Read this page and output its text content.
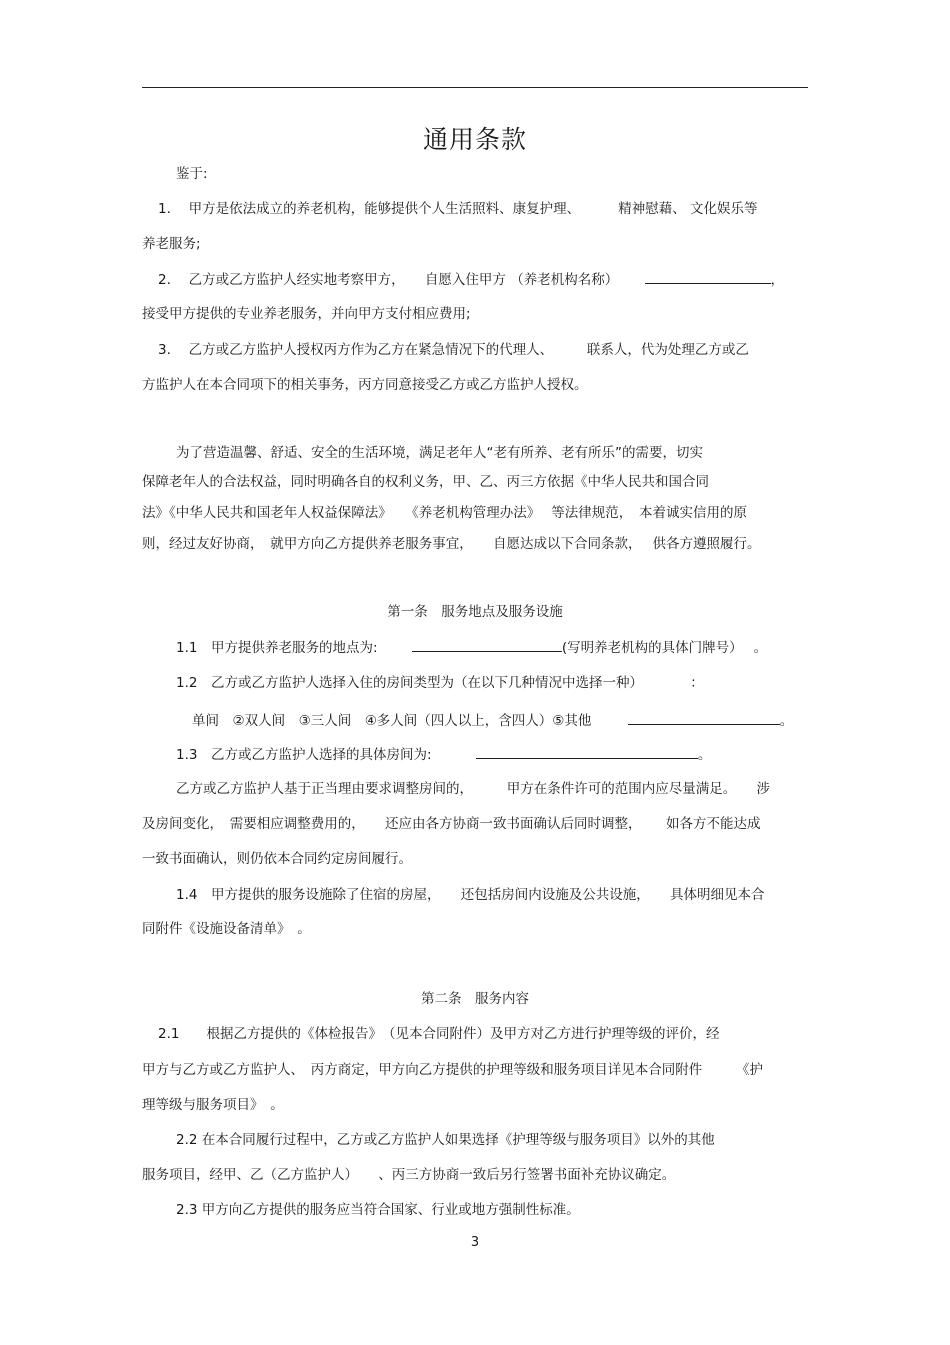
通用条款
鉴于:
1.　 甲方是依法成立的养老机构，能够提供个人生活照料、康复护理、　　　 精神慰藉、 文化娱乐等
养老服务;
2.　 乙方或乙方监护人经实地考察甲方，　　自愿入住甲方 （养老机构名称）	，
接受甲方提供的专业养老服务，并向甲方支付相应费用;
3.　 乙方或乙方监护人授权丙方作为乙方在紧急情况下的代理人、　　　联系人，代为处理乙方或乙
方监护人在本合同项下的相关事务，丙方同意接受乙方或乙方监护人授权。
为了营造温馨、舒适、安全的生活环境，满足老年人“老有所养、老有所乐”的需要，切实
保障老年人的合法权益，同时明确各自的权利义务，甲、乙、丙三方依据《中华人民共和国合同
法》《中华人民共和国老年人权益保障法》　　《养老机构管理办法》　 等法律规范，　本着诚实信用的原
则，经过友好协商，　就甲方向乙方提供养老服务事宜，　　自愿达成以下合同条款，　 供各方遵照履行。
第一条　服务地点及服务设施
1.1　甲方提供养老服务的地点为:	(写明养老机构的具体门牌号）　 。
1.2　乙方或乙方监护人选择入住的房间类型为（在以下几种情况中选择一种）　　　　：
单间　②双人间　③三人间　④多人间（四人以上，含四人）⑤其他	。
1.3　乙方或乙方监护人选择的具体房间为:	。
乙方或乙方监护人基于正当理由要求调整房间的，　　　甲方在条件许可的范围内应尽量满足。　　涉
及房间变化，　需要相应调整费用的，　　还应由各方协商一致书面确认后同时调整，　　 如各方不能达成
一致书面确认，则仍依本合同约定房间履行。
1.4　甲方提供的服务设施除了住宿的房屋，　　还包括房间内设施及公共设施，　　具体明细见本合
同附件《设施设备清单》　。
第二条　服务内容
2.1　　根据乙方提供的《体检报告》　（见本合同附件）及甲方对乙方进行护理等级的评价，经
甲方与乙方或乙方监护人、　丙方商定，甲方向乙方提供的护理等级和服务项目详见本合同附件　　　《护
理等级与服务项目》　。
2.2 在本合同履行过程中，乙方或乙方监护人如果选择《护理等级与服务项目》以外的其他
服务项目，经甲、乙（乙方监护人）　　、丙三方协商一致后另行签署书面补充协议确定。
2.3 甲方向乙方提供的服务应当符合国家、行业或地方强制性标准。
3
